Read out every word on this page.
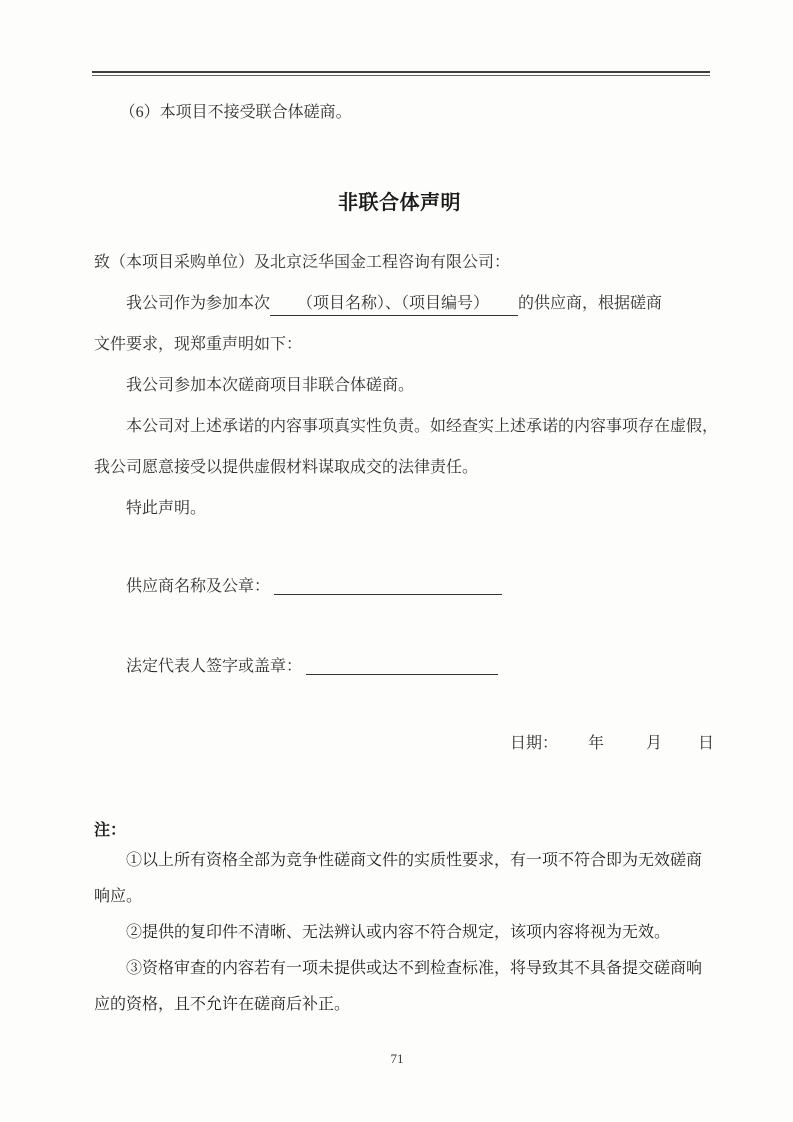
（6）本项目不接受联合体磋商。
非联合体声明
致（本项目采购单位）及北京泛华国金工程咨询有限公司：
我公司作为参加本次 （项目名称）、（项目编号） 的供应商，根据磋商
文件要求，现郑重声明如下：
我公司参加本次磋商项目非联合体磋商。
本公司对上述承诺的内容事项真实性负责。如经查实上述承诺的内容事项存在虚假，
我公司愿意接受以提供虚假材料谋取成交的法律责任。
特此声明。
供应商名称及公章：
法定代表人签字或盖章：
日期： 年	月 日
注：
①以上所有资格全部为竞争性磋商文件的实质性要求，有一项不符合即为无效磋商
响应。
②提供的复印件不清晰、无法辨认或内容不符合规定，该项内容将视为无效。
③资格审查的内容若有一项未提供或达不到检查标准，将导致其不具备提交磋商响
应的资格，且不允许在磋商后补正。
71
